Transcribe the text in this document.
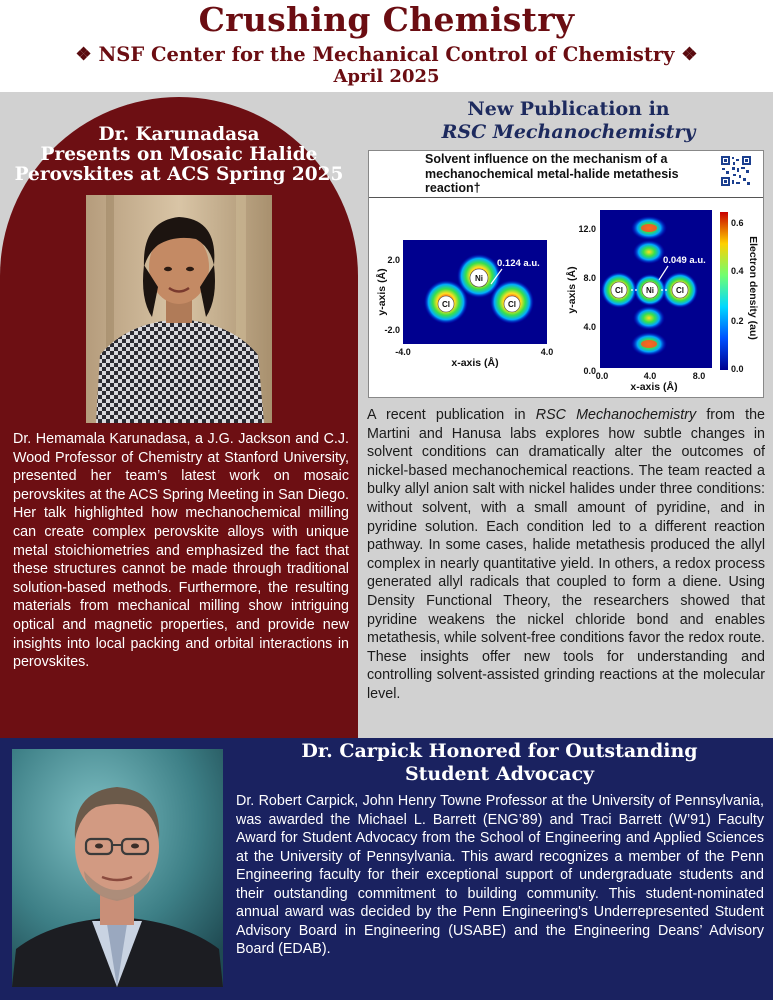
Crushing Chemistry
❖ NSF Center for the Mechanical Control of Chemistry ❖
April 2025
Dr. Karunadasa
Presents on Mosaic Halide
Perovskites at ACS Spring 2025
Dr. Hemamala Karunadasa, a J.G. Jackson and C.J. Wood Professor of Chemistry at Stanford University, presented her team’s latest work on mosaic perovskites at the ACS Spring Meeting in San Diego. Her talk highlighted how mechanochemical milling can create complex perovskite alloys with unique metal stoichiometries and emphasized the fact that these structures cannot be made through traditional solution-based methods. Furthermore, the resulting materials from mechanical milling show intriguing optical and magnetic properties, and provide new insights into local packing and orbital interactions in perovskites.
New Publication in
RSC Mechanochemistry
Solvent influence on the mechanism of a mechanochemical metal-halide metathesis reaction†
Ni
Cl	Cl
0.124 a.u.
2.0
-2.0
-4.0	4.0
x-axis (Å)
y-axis (Å)	Ni
Cl	Cl
0.049 a.u.
12.0
8.0
4.0
0.0 0.0	4.0	8.0
x-axis (Å)
y-axis (Å)
0.6
0.4
0.2
0.0
Electron density (au)
A recent publication in RSC Mechanochemistry from the Martini and Hanusa labs explores how subtle changes in solvent conditions can dramatically alter the outcomes of nickel-based mechanochemical reactions. The team reacted a bulky allyl anion salt with nickel halides under three conditions: without solvent, with a small amount of pyridine, and in pyridine solution. Each condition led to a different reaction pathway. In some cases, halide metathesis produced the allyl complex in nearly quantitative yield. In others, a redox process generated allyl radicals that coupled to form a diene. Using Density Functional Theory, the researchers showed that pyridine weakens the nickel chloride bond and enables metathesis, while solvent-free conditions favor the redox route. These insights offer new tools for understanding and controlling solvent-assisted grinding reactions at the molecular level.
Dr. Carpick Honored for Outstanding
Student Advocacy
Dr. Robert Carpick, John Henry Towne Professor at the University of Pennsylvania, was awarded the Michael L. Barrett (ENG’89) and Traci Barrett (W’91) Faculty Award for Student Advocacy from the School of Engineering and Applied Sciences at the University of Pennsylvania. This award recognizes a member of the Penn Engineering faculty for their exceptional support of undergraduate students and their outstanding commitment to building community. This student-nominated annual award was decided by the Penn Engineering's Underrepresented Student Advisory Board in Engineering (USABE) and the Engineering Deans’ Advisory Board (EDAB).
